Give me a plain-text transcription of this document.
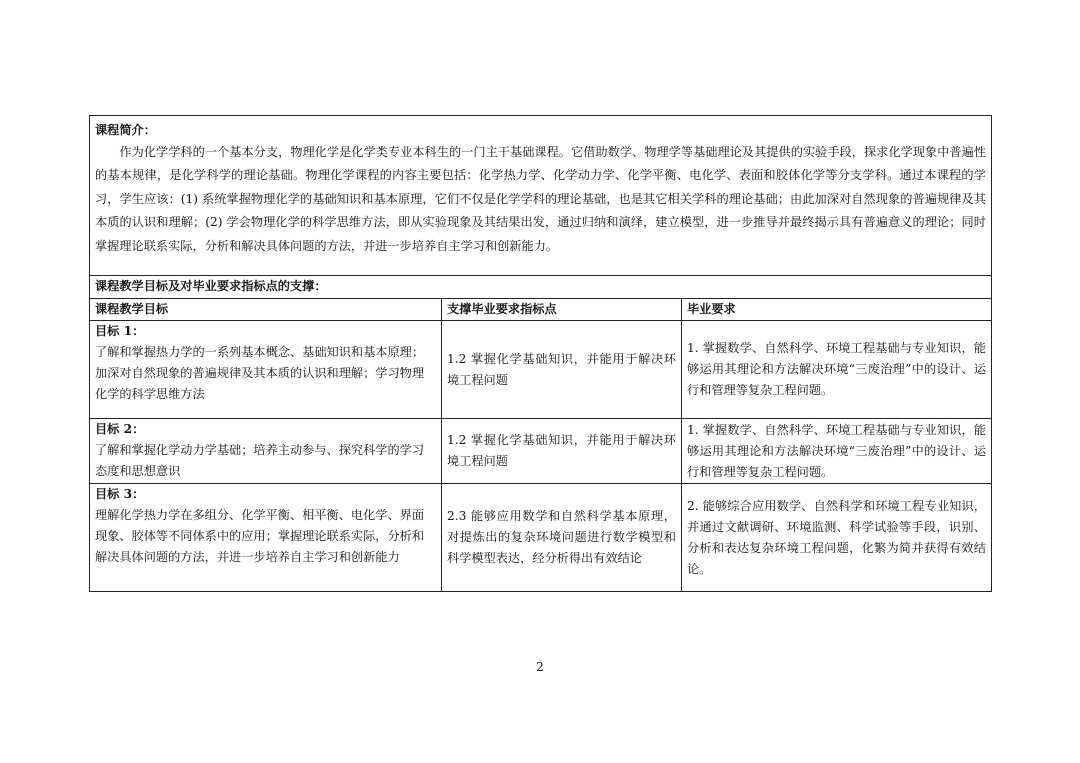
课程简介：
作为化学学科的一个基本分支，物理化学是化学类专业本科生的一门主干基础课程。它借助数学、物理学等基础理论及其提供的实验手段，探求化学现象中普遍性的基本规律，是化学科学的理论基础。物理化学课程的内容主要包括：化学热力学、化学动力学、化学平衡、电化学、表面和胶体化学等分支学科。通过本课程的学习，学生应该：(1) 系统掌握物理化学的基础知识和基本原理，它们不仅是化学学科的理论基础，也是其它相关学科的理论基础；由此加深对自然现象的普遍规律及其本质的认识和理解；(2) 学会物理化学的科学思维方法，即从实验现象及其结果出发，通过归纳和演绎，建立模型，进一步推导并最终揭示具有普遍意义的理论；同时掌握理论联系实际，分析和解决具体问题的方法，并进一步培养自主学习和创新能力。		

课程教学目标及对毕业要求指标点的支撑：		
课程教学目标	支撑毕业要求指标点	毕业要求

目标 1：
了解和掌握热力学的一系列基本概念、基础知识和基本原理；加深对自然现象的普遍规律及其本质的认识和理解；学习物理化学的科学思维方法	1.2 掌握化学基础知识，并能用于解决环境工程问题	1. 掌握数学、自然科学、环境工程基础与专业知识，能够运用其理论和方法解决环境“三废治理”中的设计、运行和管理等复杂工程问题。

目标 2：
了解和掌握化学动力学基础；培养主动参与、探究科学的学习态度和思想意识	1.2 掌握化学基础知识，并能用于解决环境工程问题	1. 掌握数学、自然科学、环境工程基础与专业知识，能够运用其理论和方法解决环境“三废治理”中的设计、运行和管理等复杂工程问题。

目标 3：
理解化学热力学在多组分、化学平衡、相平衡、电化学、界面现象、胶体等不同体系中的应用；掌握理论联系实际，分析和解决具体问题的方法，并进一步培养自主学习和创新能力	2.3 能够应用数学和自然科学基本原理，对提炼出的复杂环境问题进行数学模型和科学模型表达，经分析得出有效结论	2. 能够综合应用数学、自然科学和环境工程专业知识，并通过文献调研、环境监测、科学试验等手段，识别、分析和表达复杂环境工程问题，化繁为简并获得有效结论。
2
